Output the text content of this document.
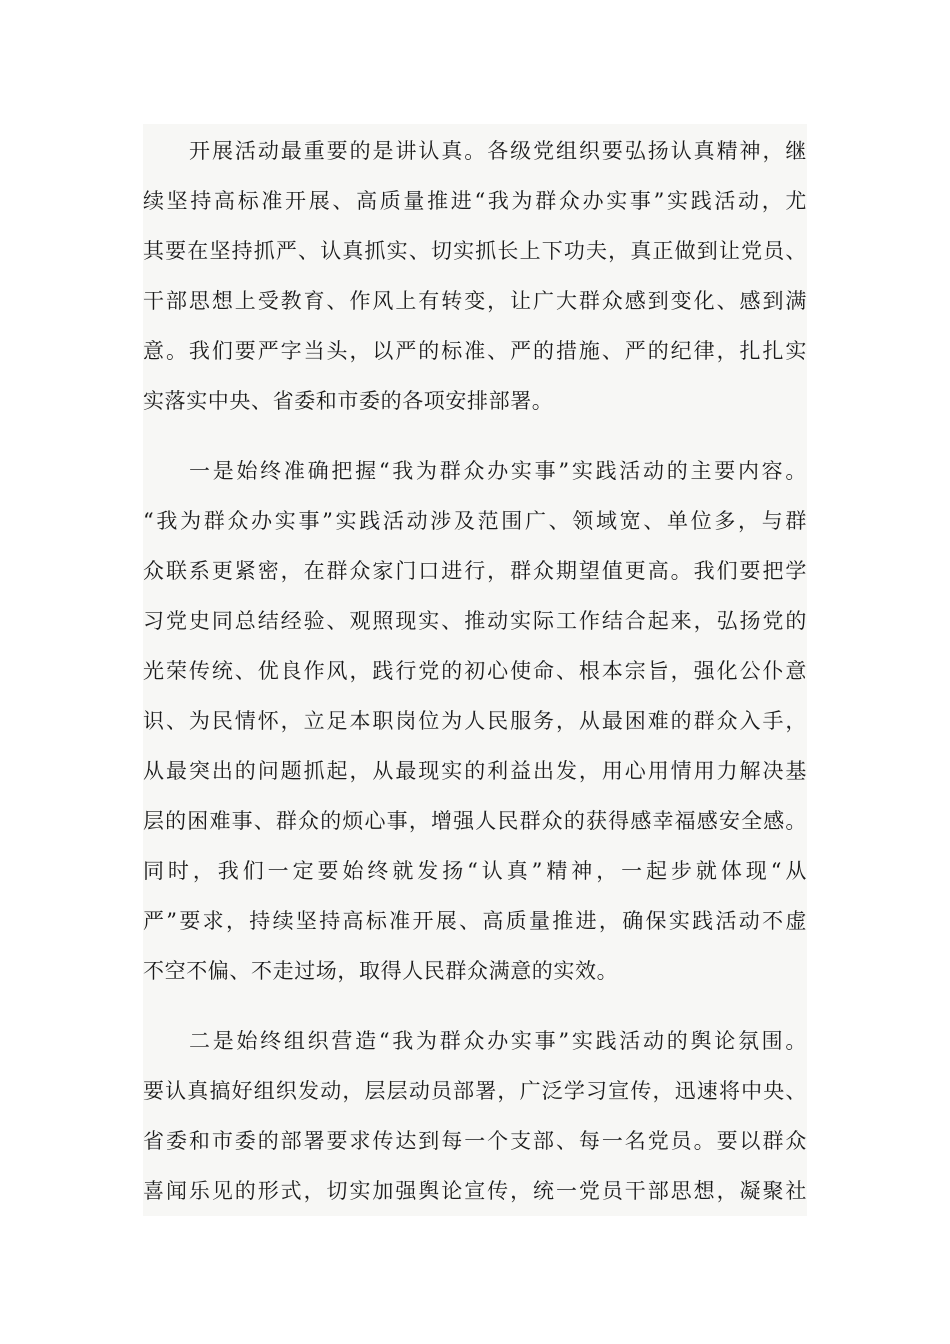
开展活动最重要的是讲认真。各级党组织要弘扬认真精神，继
续坚持高标准开展、高质量推进“我为群众办实事”实践活动，尤
其要在坚持抓严、认真抓实、切实抓长上下功夫，真正做到让党员、
干部思想上受教育、作风上有转变，让广大群众感到变化、感到满
意。我们要严字当头，以严的标准、严的措施、严的纪律，扎扎实
实落实中央、省委和市委的各项安排部署。
一是始终准确把握“我为群众办实事”实践活动的主要内容。
“我为群众办实事”实践活动涉及范围广、领域宽、单位多，与群
众联系更紧密，在群众家门口进行，群众期望值更高。我们要把学
习党史同总结经验、观照现实、推动实际工作结合起来，弘扬党的
光荣传统、优良作风，践行党的初心使命、根本宗旨，强化公仆意
识、为民情怀，立足本职岗位为人民服务，从最困难的群众入手，
从最突出的问题抓起，从最现实的利益出发，用心用情用力解决基
层的困难事、群众的烦心事，增强人民群众的获得感幸福感安全感。
同时，我们一定要始终就发扬“认真”精神，一起步就体现“从
严”要求，持续坚持高标准开展、高质量推进，确保实践活动不虚
不空不偏、不走过场，取得人民群众满意的实效。
二是始终组织营造“我为群众办实事”实践活动的舆论氛围。
要认真搞好组织发动，层层动员部署，广泛学习宣传，迅速将中央、
省委和市委的部署要求传达到每一个支部、每一名党员。要以群众
喜闻乐见的形式，切实加强舆论宣传，统一党员干部思想，凝聚社
